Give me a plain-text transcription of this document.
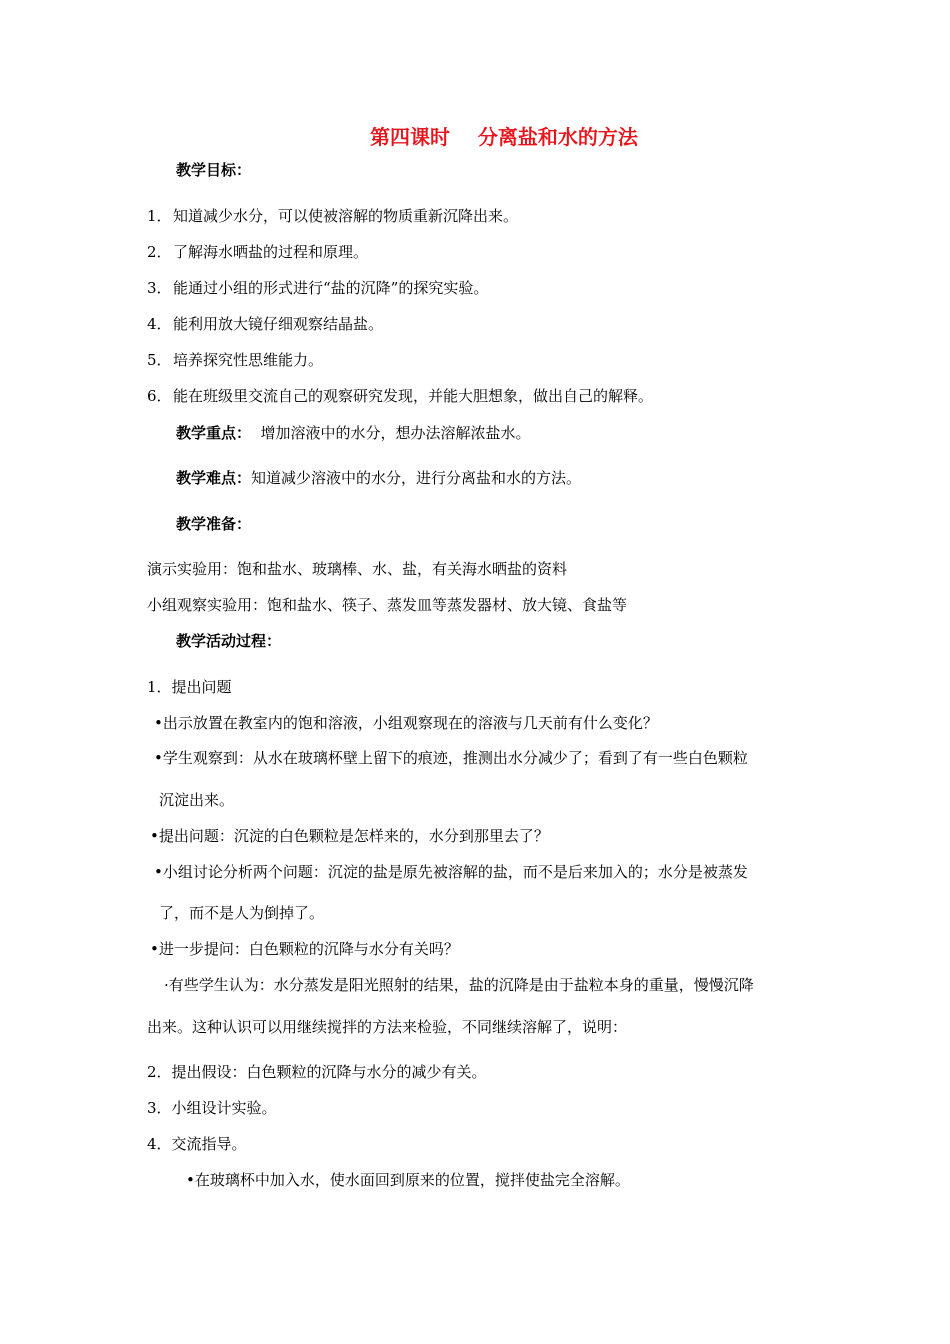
第四课时    分离盐和水的方法
教学目标：
1．知道减少水分，可以使被溶解的物质重新沉降出来。
2．了解海水晒盐的过程和原理。
3．能通过小组的形式进行“盐的沉降”的探究实验。
4．能利用放大镜仔细观察结晶盐。
5．培养探究性思维能力。
6．能在班级里交流自己的观察研究发现，并能大胆想象，做出自己的解释。
教学重点：  增加溶液中的水分，想办法溶解浓盐水。
教学难点：知道减少溶液中的水分，进行分离盐和水的方法。
教学准备：
演示实验用：饱和盐水、玻璃棒、水、盐，有关海水晒盐的资料
小组观察实验用：饱和盐水、筷子、蒸发皿等蒸发器材、放大镜、食盐等
教学活动过程：
1．提出问题
•出示放置在教室内的饱和溶液，小组观察现在的溶液与几天前有什么变化？
•学生观察到：从水在玻璃杯壁上留下的痕迹，推测出水分减少了；看到了有一些白色颗粒
沉淀出来。
•提出问题：沉淀的白色颗粒是怎样来的，水分到那里去了？
•小组讨论分析两个问题：沉淀的盐是原先被溶解的盐，而不是后来加入的；水分是被蒸发
了，而不是人为倒掉了。
•进一步提问：白色颗粒的沉降与水分有关吗？
·有些学生认为：水分蒸发是阳光照射的结果，盐的沉降是由于盐粒本身的重量，慢慢沉降
出来。这种认识可以用继续搅拌的方法来检验，不同继续溶解了，说明：
2．提出假设：白色颗粒的沉降与水分的减少有关。
3．小组设计实验。
4．交流指导。
•在玻璃杯中加入水，使水面回到原来的位置，搅拌使盐完全溶解。
